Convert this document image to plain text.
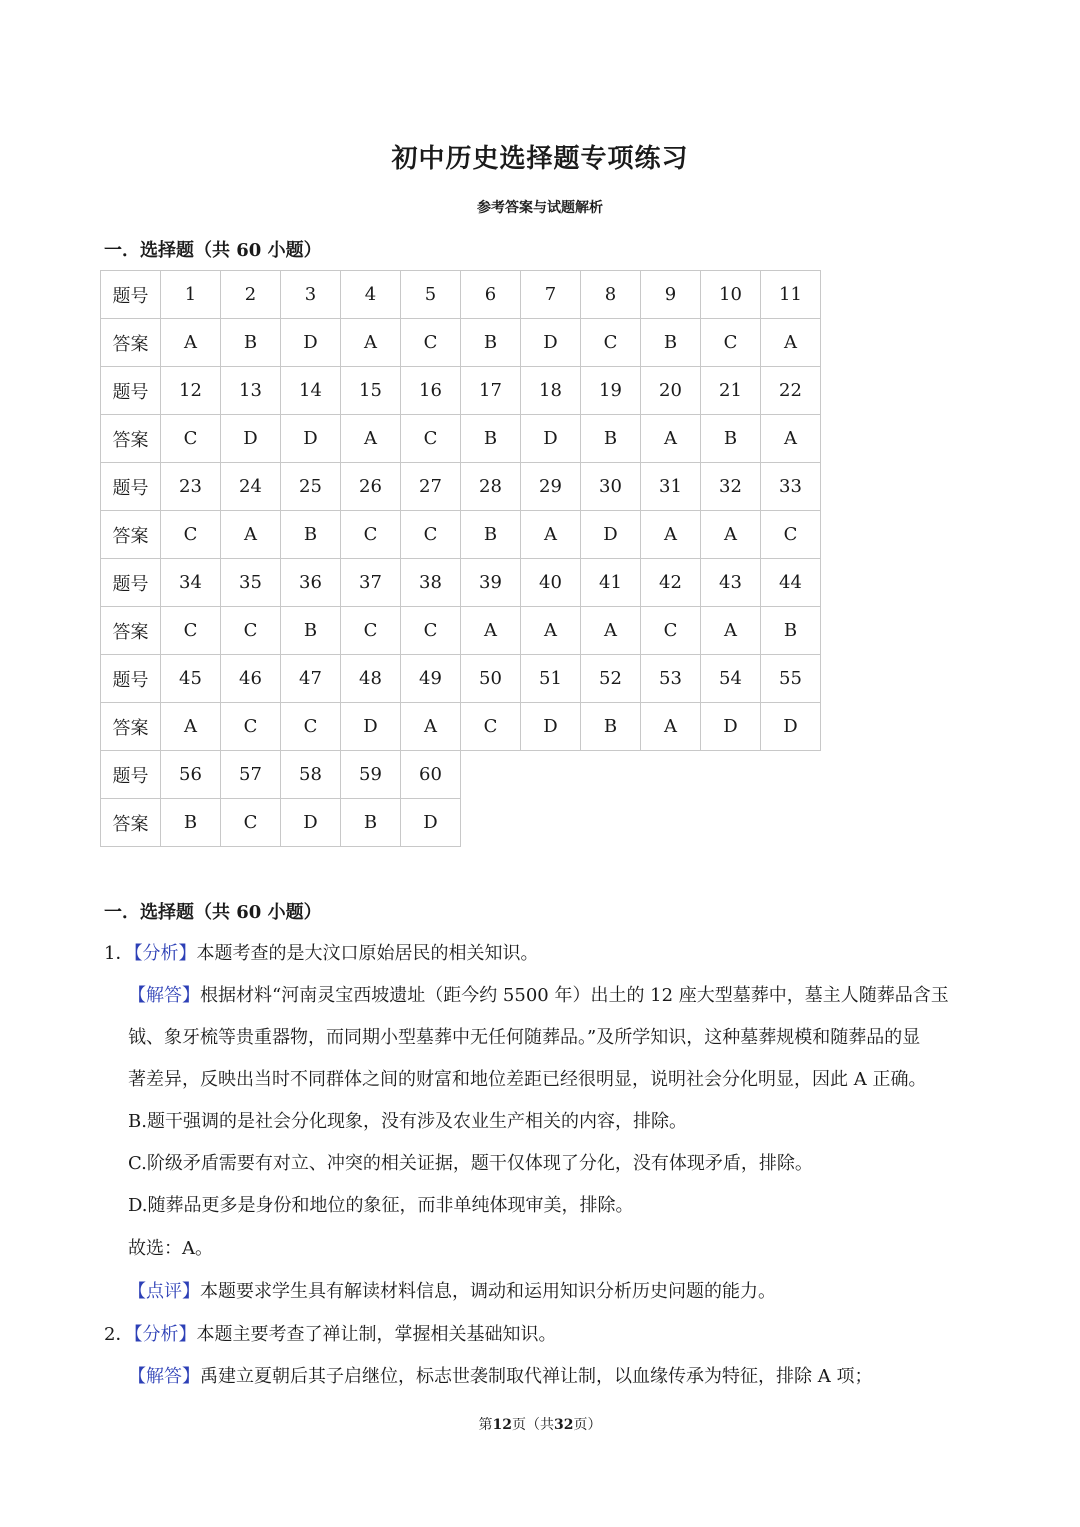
初中历史选择题专项练习
参考答案与试题解析
一．选择题（共 60 小题）
题号	1	2	3	4	5	6	7	8	9	10	11
答案	A	B	D	A	C	B	D	C	B	C	A
题号	12	13	14	15	16	17	18	19	20	21	22
答案	C	D	D	A	C	B	D	B	A	B	A
题号	23	24	25	26	27	28	29	30	31	32	33
答案	C	A	B	C	C	B	A	D	A	A	C
题号	34	35	36	37	38	39	40	41	42	43	44
答案	C	C	B	C	C	A	A	A	C	A	B
题号	45	46	47	48	49	50	51	52	53	54	55
答案	A	C	C	D	A	C	D	B	A	D	D
题号	56	57	58	59	60						
答案	B	C	D	B	D						
一．选择题（共 60 小题）
1．【分析】本题考查的是大汶口原始居民的相关知识。
【解答】根据材料“河南灵宝西坡遗址（距今约 5500 年）出土的 12 座大型墓葬中，墓主人随葬品含玉
钺、象牙梳等贵重器物，而同期小型墓葬中无任何随葬品。”及所学知识，这种墓葬规模和随葬品的显
著差异，反映出当时不同群体之间的财富和地位差距已经很明显，说明社会分化明显，因此 A 正确。
B.题干强调的是社会分化现象，没有涉及农业生产相关的内容，排除。
C.阶级矛盾需要有对立、冲突的相关证据，题干仅体现了分化，没有体现矛盾，排除。
D.随葬品更多是身份和地位的象征，而非单纯体现审美，排除。
故选：A。
【点评】本题要求学生具有解读材料信息，调动和运用知识分析历史问题的能力。
2．【分析】本题主要考查了禅让制，掌握相关基础知识。
【解答】禹建立夏朝后其子启继位，标志世袭制取代禅让制，以血缘传承为特征，排除 A 项；
第12页（共32页）
